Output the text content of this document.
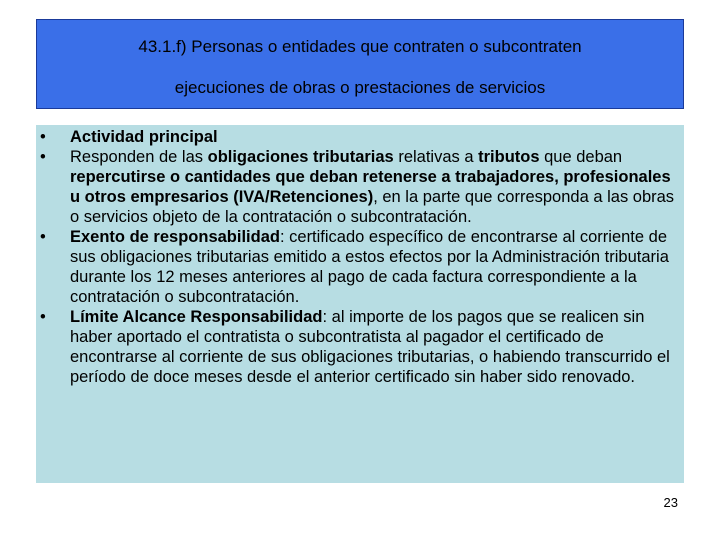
43.1.f) Personas o entidades que contraten o subcontraten
ejecuciones de obras o prestaciones de servicios
• Actividad principal
• Responden de las obligaciones tributarias relativas a tributos que deban repercutirse o cantidades que deban retenerse a trabajadores, profesionales u otros empresarios (IVA/Retenciones), en la parte que corresponda a las obras o servicios objeto de la contratación o subcontratación.
• Exento de responsabilidad: certificado específico de encontrarse al corriente de sus obligaciones tributarias emitido a estos efectos por la Administración tributaria durante los 12 meses anteriores al pago de cada factura correspondiente a la contratación o subcontratación.
• Límite Alcance Responsabilidad: al importe de los pagos que se realicen sin haber aportado el contratista o subcontratista al pagador el certificado de encontrarse al corriente de sus obligaciones tributarias, o habiendo transcurrido el período de doce meses desde el anterior certificado sin haber sido renovado.
23
